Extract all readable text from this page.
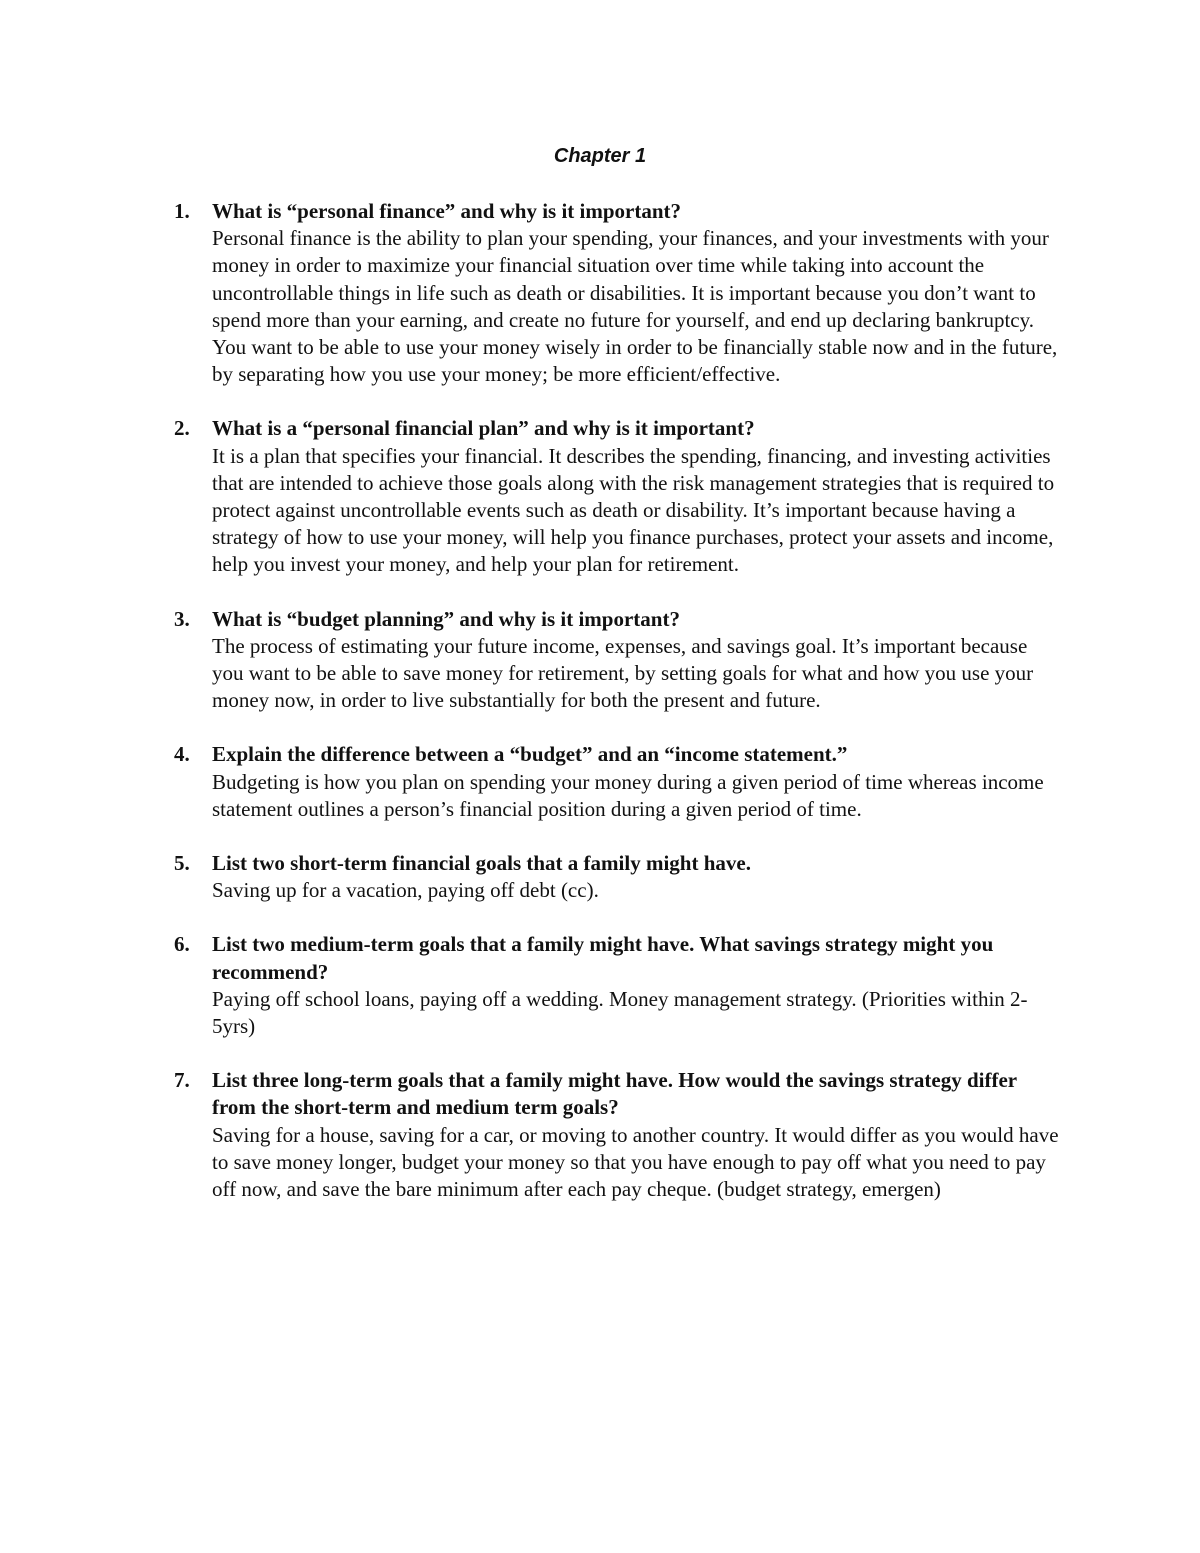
Chapter 1
1. What is “personal finance” and why is it important?
Personal finance is the ability to plan your spending, your finances, and your investments with your money in order to maximize your financial situation over time while taking into account the uncontrollable things in life such as death or disabilities. It is important because you don’t want to spend more than your earning, and create no future for yourself, and end up declaring bankruptcy. You want to be able to use your money wisely in order to be financially stable now and in the future, by separating how you use your money; be more efficient/effective.
2. What is a “personal financial plan” and why is it important?
It is a plan that specifies your financial. It describes the spending, financing, and investing activities that are intended to achieve those goals along with the risk management strategies that is required to protect against uncontrollable events such as death or disability. It’s important because having a strategy of how to use your money, will help you finance purchases, protect your assets and income, help you invest your money, and help your plan for retirement.
3. What is “budget planning” and why is it important?
The process of estimating your future income, expenses, and savings goal. It’s important because you want to be able to save money for retirement, by setting goals for what and how you use your money now, in order to live substantially for both the present and future.
4. Explain the difference between a “budget” and an “income statement.”
Budgeting is how you plan on spending your money during a given period of time whereas income statement outlines a person’s financial position during a given period of time.
5. List two short-term financial goals that a family might have.
Saving up for a vacation, paying off debt (cc).
6. List two medium-term goals that a family might have. What savings strategy might you recommend?
Paying off school loans, paying off a wedding. Money management strategy. (Priorities within 2-5yrs)
7. List three long-term goals that a family might have. How would the savings strategy differ from the short-term and medium term goals?
Saving for a house, saving for a car, or moving to another country. It would differ as you would have to save money longer, budget your money so that you have enough to pay off what you need to pay off now, and save the bare minimum after each pay cheque. (budget strategy, emergen)
